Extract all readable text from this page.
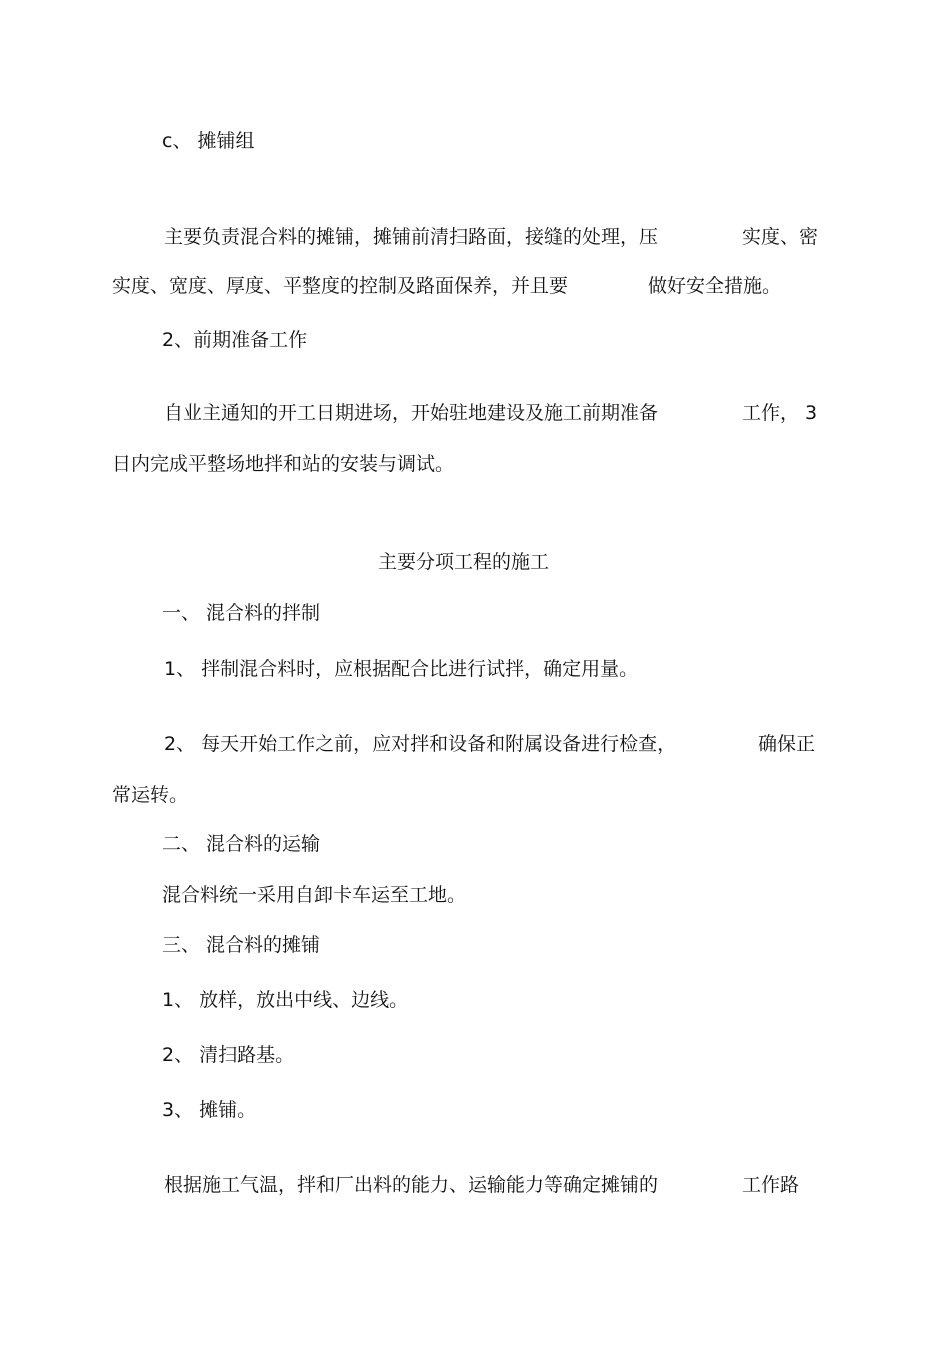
c、 摊铺组

主要负责混合料的摊铺，摊铺前清扫路面，接缝的处理，压	实度、密

实度、宽度、厚度、平整度的控制及路面保养，并且要	做好安全措施。

2、前期准备工作

自业主通知的开工日期进场，开始驻地建设及施工前期准备	工作， 3

日内完成平整场地拌和站的安装与调试。

主要分项工程的施工

一、 混合料的拌制

1、 拌制混合料时，应根据配合比进行试拌，确定用量。

2、 每天开始工作之前，应对拌和设备和附属设备进行检查，	确保正

常运转。

二、 混合料的运输

混合料统一采用自卸卡车运至工地。

三、 混合料的摊铺

1、 放样，放出中线、边线。

2、 清扫路基。

3、 摊铺。

根据施工气温，拌和厂出料的能力、运输能力等确定摊铺的	工作路
